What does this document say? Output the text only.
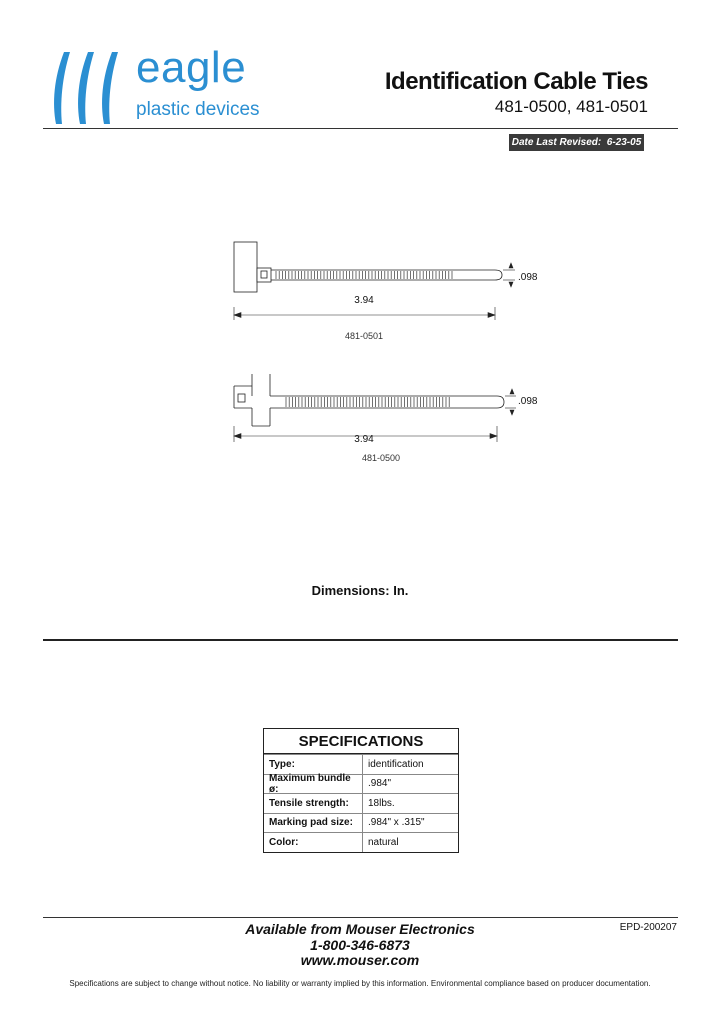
eagle
plastic devices
Identification Cable Ties
481-0500, 481-0501
Date Last Revised:
6-23-05
.098
3.94
481-0501
.098
3.94
481-0500
Dimensions: In.
SPECIFICATIONS
Type:	identification
Maximum bundle ø:	.984"
Tensile strength:	18lbs.
Marking pad size:	.984" x .315"
Color:	natural
Available from Mouser Electronics
1-800-346-6873
www.mouser.com
EPD-200207
Specifications are subject to change without notice. No liability or warranty implied by this information. Environmental compliance based on producer documentation.
